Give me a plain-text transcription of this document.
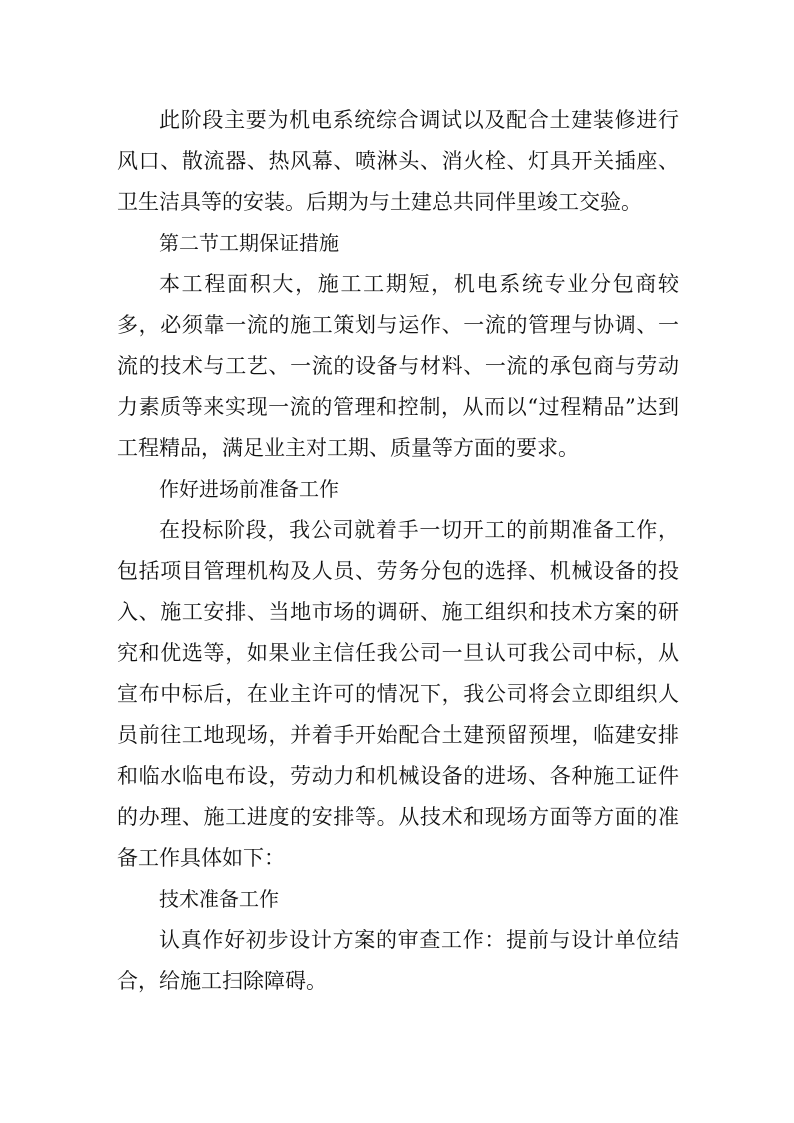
此阶段主要为机电系统综合调试以及配合土建装修进行风口、散流器、热风幕、喷淋头、消火栓、灯具开关插座、卫生洁具等的安装。后期为与土建总共同伴里竣工交验。

第二节工期保证措施

本工程面积大，施工工期短，机电系统专业分包商较多，必须靠一流的施工策划与运作、一流的管理与协调、一流的技术与工艺、一流的设备与材料、一流的承包商与劳动力素质等来实现一流的管理和控制，从而以“过程精品”达到工程精品，满足业主对工期、质量等方面的要求。

作好进场前准备工作

在投标阶段，我公司就着手一切开工的前期准备工作，包括项目管理机构及人员、劳务分包的选择、机械设备的投入、施工安排、当地市场的调研、施工组织和技术方案的研究和优选等，如果业主信任我公司一旦认可我公司中标，从宣布中标后，在业主许可的情况下，我公司将会立即组织人员前往工地现场，并着手开始配合土建预留预埋，临建安排和临水临电布设，劳动力和机械设备的进场、各种施工证件的办理、施工进度的安排等。从技术和现场方面等方面的准备工作具体如下：

技术准备工作

认真作好初步设计方案的审查工作：提前与设计单位结合，给施工扫除障碍。
